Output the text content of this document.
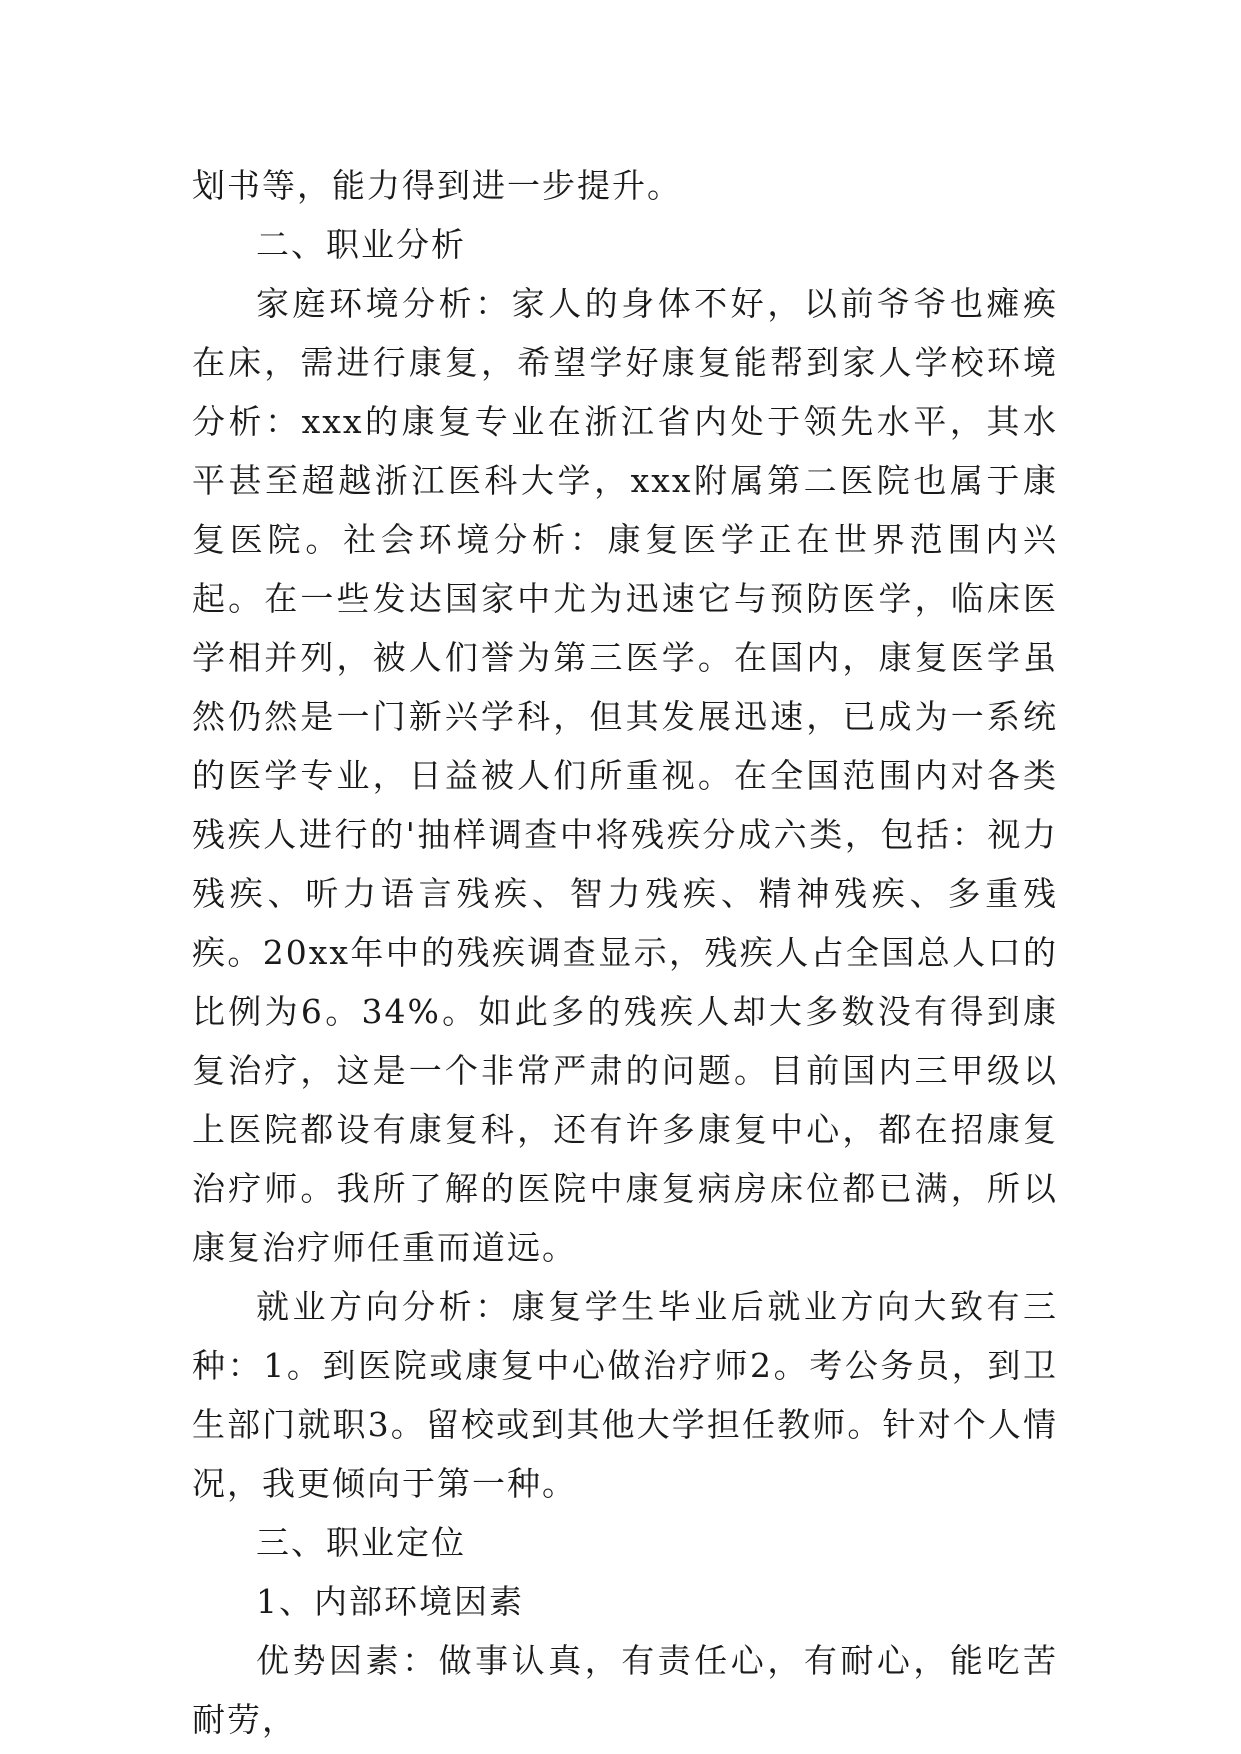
划书等，能力得到进一步提升。

二、职业分析

家庭环境分析：家人的身体不好，以前爷爷也瘫痪在床，需进行康复，希望学好康复能帮到家人学校环境分析：xxx的康复专业在浙江省内处于领先水平，其水平甚至超越浙江医科大学，xxx附属第二医院也属于康复医院。社会环境分析：康复医学正在世界范围内兴起。在一些发达国家中尤为迅速它与预防医学，临床医学相并列，被人们誉为第三医学。在国内，康复医学虽然仍然是一门新兴学科，但其发展迅速，已成为一系统的医学专业，日益被人们所重视。在全国范围内对各类残疾人进行的'抽样调查中将残疾分成六类，包括：视力残疾、听力语言残疾、智力残疾、精神残疾、多重残疾。20xx年中的残疾调查显示，残疾人占全国总人口的比例为6。34%。如此多的残疾人却大多数没有得到康复治疗，这是一个非常严肃的问题。目前国内三甲级以上医院都设有康复科，还有许多康复中心，都在招康复治疗师。我所了解的医院中康复病房床位都已满，所以康复治疗师任重而道远。

就业方向分析：康复学生毕业后就业方向大致有三种：1。到医院或康复中心做治疗师2。考公务员，到卫生部门就职3。留校或到其他大学担任教师。针对个人情况，我更倾向于第一种。

三、职业定位

1、内部环境因素

优势因素：做事认真，有责任心，有耐心，能吃苦耐劳，
